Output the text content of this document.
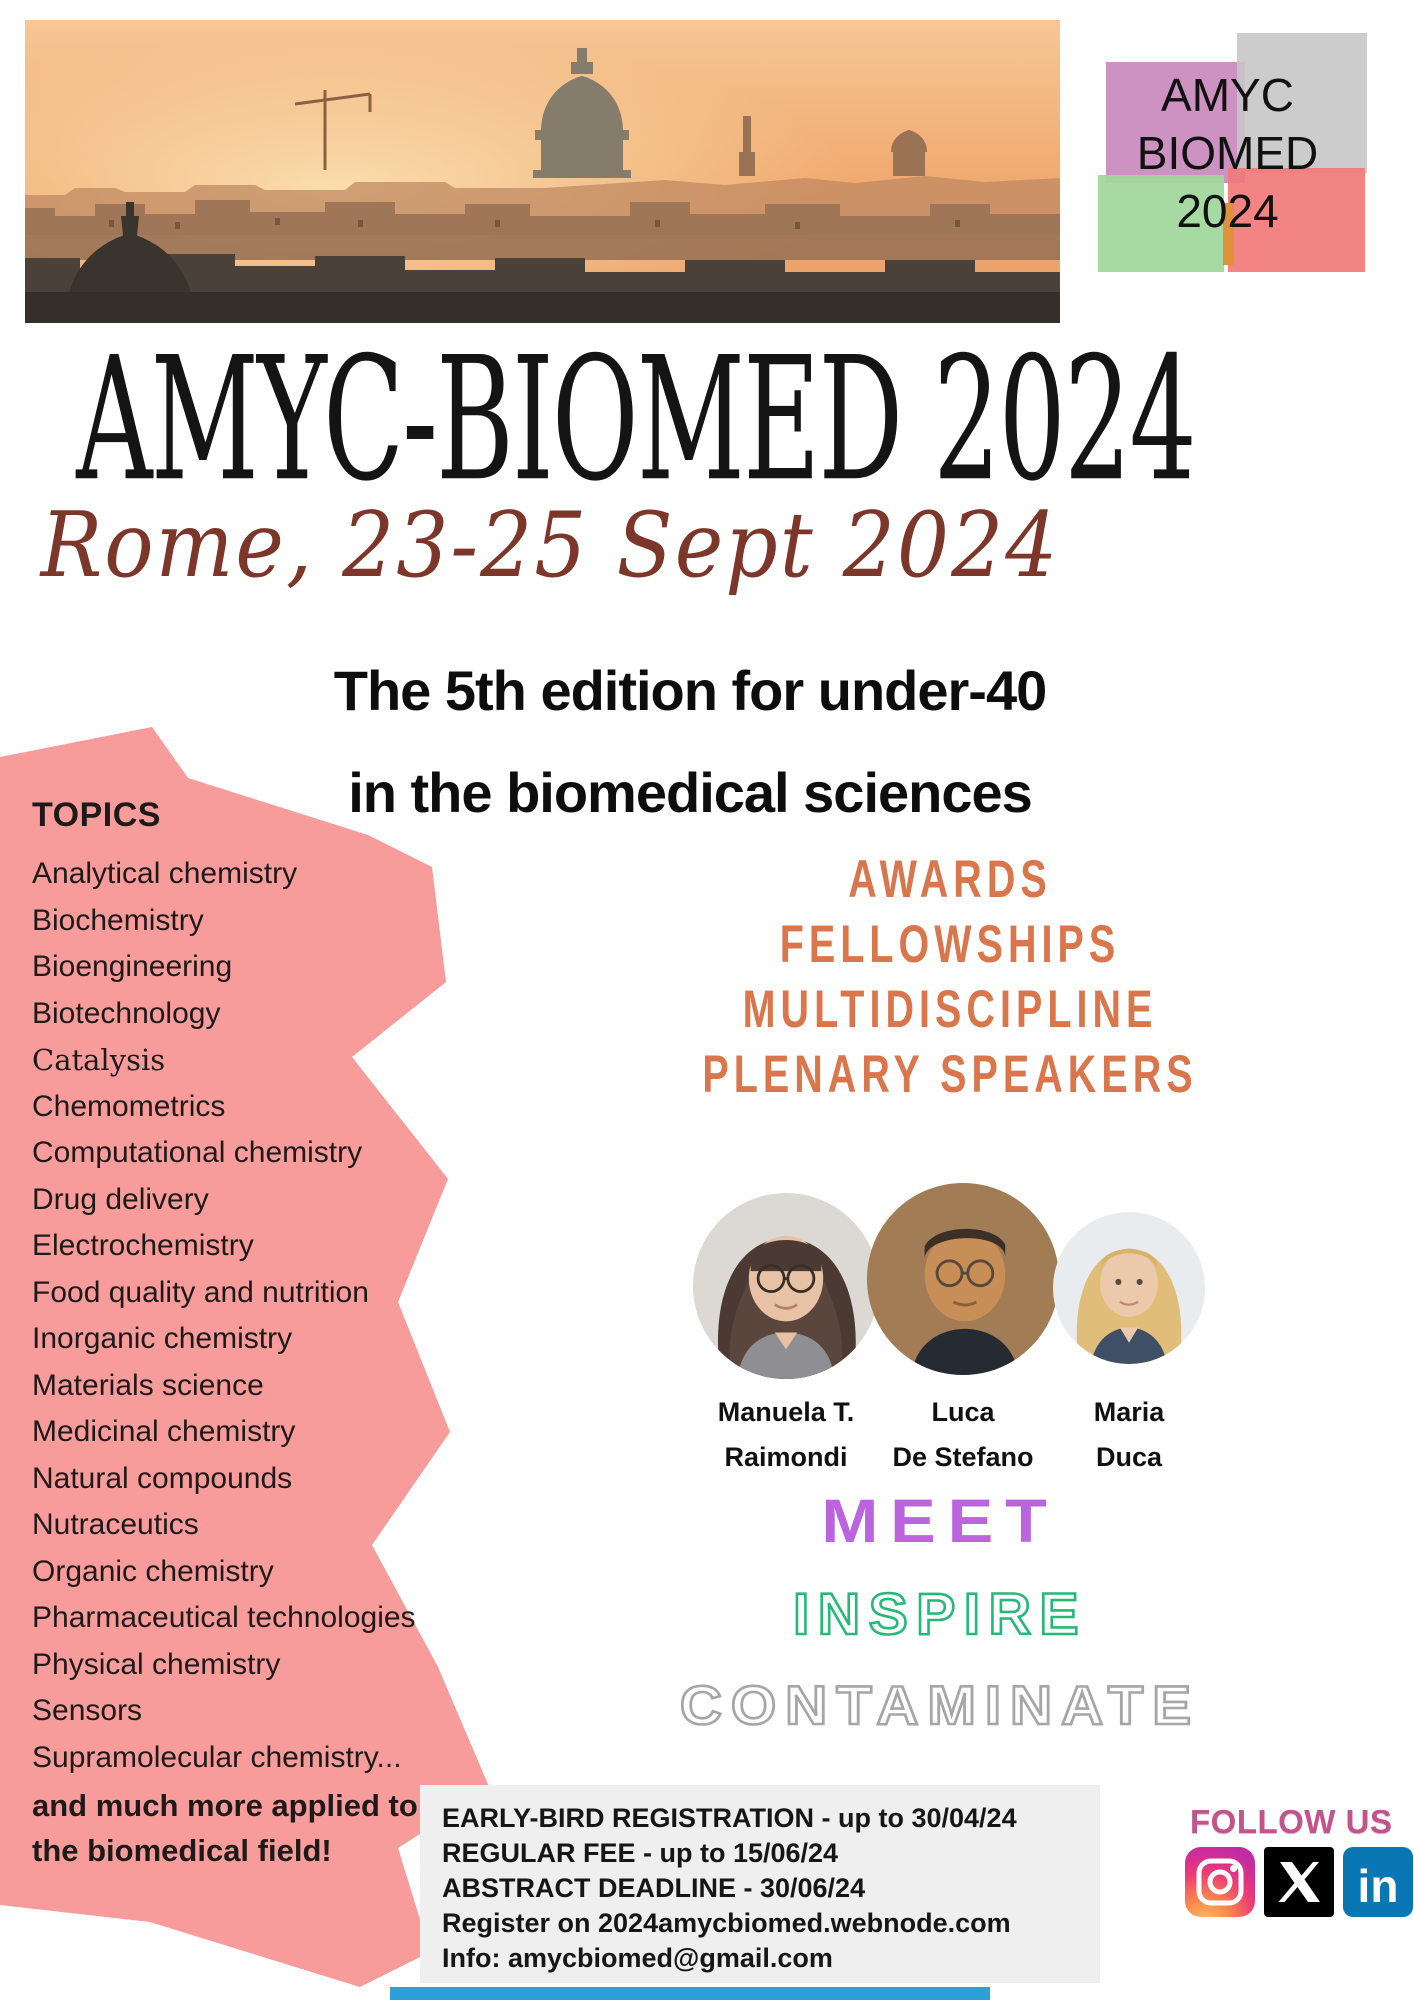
AMYC
BIOMED
2024
AMYC-BIOMED 2024
Rome, 23-25 Sept 2024
The 5th edition for under-40
in the biomedical sciences
TOPICS
Analytical chemistry
Biochemistry
Bioengineering
Biotechnology
Catalysis
Chemometrics
Computational chemistry
Drug delivery
Electrochemistry
Food quality and nutrition
Inorganic chemistry
Materials science
Medicinal chemistry
Natural compounds
Nutraceutics
Organic chemistry
Pharmaceutical technologies
Physical chemistry
Sensors
Supramolecular chemistry...
and much more applied to
the biomedical field!
AWARDS
FELLOWSHIPS
MULTIDISCIPLINE
PLENARY SPEAKERS
Manuela T.
Raimondi
Luca
De Stefano
Maria
Duca
MEET
INSPIRE
CONTAMINATE
EARLY-BIRD REGISTRATION - up to 30/04/24
REGULAR FEE - up to 15/06/24
ABSTRACT DEADLINE - 30/06/24
Register on 2024amycbiomed.webnode.com
Info: amycbiomed@gmail.com
FOLLOW US
in
